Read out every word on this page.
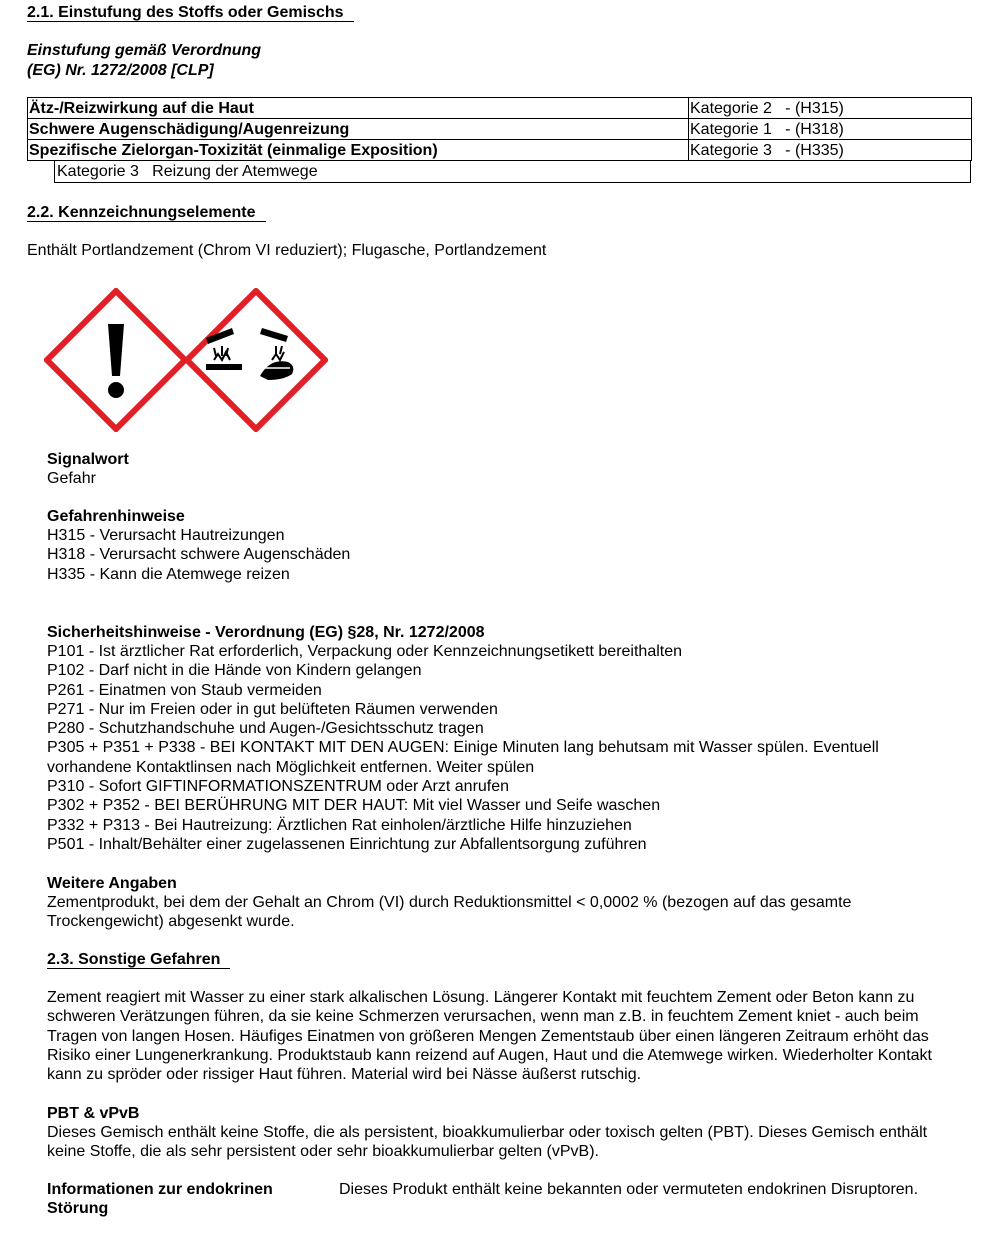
2.1. Einstufung des Stoffs oder Gemischs
Einstufung gemäß Verordnung
(EG) Nr. 1272/2008 [CLP]
Ätz-/Reizwirkung auf die Haut	Kategorie 2   - (H315)
Schwere Augenschädigung/Augenreizung	Kategorie 1   - (H318)
Spezifische Zielorgan-Toxizität (einmalige Exposition)	Kategorie 3   - (H335)
Kategorie 3   Reizung der Atemwege
2.2. Kennzeichnungselemente
Enthält Portlandzement (Chrom VI reduziert); Flugasche, Portlandzement
Signalwort
Gefahr
Gefahrenhinweise
H315 - Verursacht Hautreizungen
H318 - Verursacht schwere Augenschäden
H335 - Kann die Atemwege reizen
Sicherheitshinweise - Verordnung (EG) §28, Nr. 1272/2008
P101 - Ist ärztlicher Rat erforderlich, Verpackung oder Kennzeichnungsetikett bereithalten
P102 - Darf nicht in die Hände von Kindern gelangen
P261 - Einatmen von Staub vermeiden
P271 - Nur im Freien oder in gut belüfteten Räumen verwenden
P280 - Schutzhandschuhe und Augen-/Gesichtsschutz tragen
P305 + P351 + P338 - BEI KONTAKT MIT DEN AUGEN: Einige Minuten lang behutsam mit Wasser spülen. Eventuell
vorhandene Kontaktlinsen nach Möglichkeit entfernen. Weiter spülen
P310 - Sofort GIFTINFORMATIONSZENTRUM oder Arzt anrufen
P302 + P352 - BEI BERÜHRUNG MIT DER HAUT: Mit viel Wasser und Seife waschen
P332 + P313 - Bei Hautreizung: Ärztlichen Rat einholen/ärztliche Hilfe hinzuziehen
P501 - Inhalt/Behälter einer zugelassenen Einrichtung zur Abfallentsorgung zuführen
Weitere Angaben
Zementprodukt, bei dem der Gehalt an Chrom (VI) durch Reduktionsmittel < 0,0002 % (bezogen auf das gesamte
Trockengewicht) abgesenkt wurde.
2.3. Sonstige Gefahren
Zement reagiert mit Wasser zu einer stark alkalischen Lösung. Längerer Kontakt mit feuchtem Zement oder Beton kann zu
schweren Verätzungen führen, da sie keine Schmerzen verursachen, wenn man z.B. in feuchtem Zement kniet - auch beim
Tragen von langen Hosen. Häufiges Einatmen von größeren Mengen Zementstaub über einen längeren Zeitraum erhöht das
Risiko einer Lungenerkrankung. Produktstaub kann reizend auf Augen, Haut und die Atemwege wirken. Wiederholter Kontakt
kann zu spröder oder rissiger Haut führen. Material wird bei Nässe äußerst rutschig.
PBT & vPvB
Dieses Gemisch enthält keine Stoffe, die als persistent, bioakkumulierbar oder toxisch gelten (PBT). Dieses Gemisch enthält
keine Stoffe, die als sehr persistent oder sehr bioakkumulierbar gelten (vPvB).
Informationen zur endokrinen
Störung
Dieses Produkt enthält keine bekannten oder vermuteten endokrinen Disruptoren.
